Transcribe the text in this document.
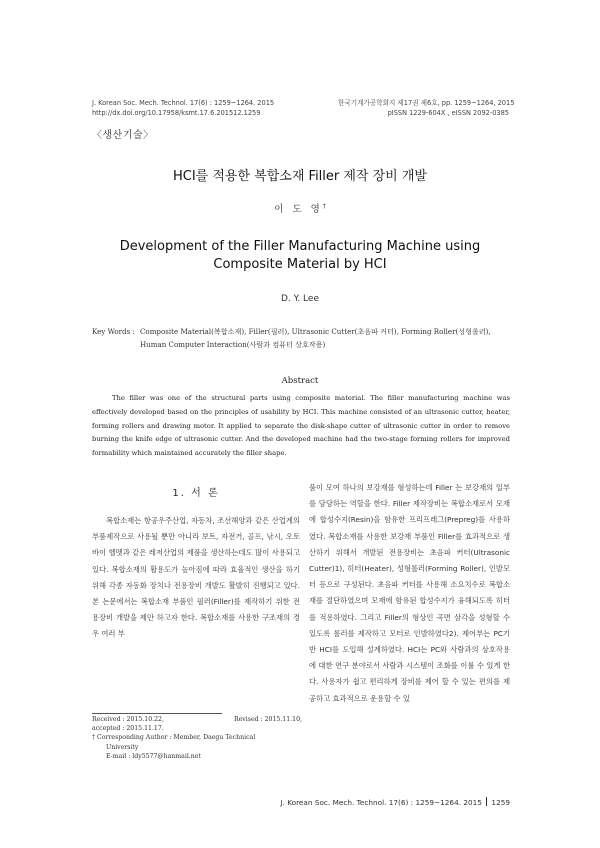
J. Korean Soc. Mech. Technol. 17(6) : 1259~1264. 2015
http://dx.doi.org/10.17958/ksmt.17.6.201512.1259
한국기계가공학회지 제17권 제6호, pp. 1259~1264, 2015
pISSN 1229-604X , eISSN 2092-0385
〈생산기술〉
HCI를 적용한 복합소재 Filler 제작 장비 개발
이 도 영†
Development of the Filler Manufacturing Machine using
Composite Material by HCI
D. Y. Lee
Key Words : Composite Material(복합소재), Filler(필러), Ultrasonic Cutter(초음파 커터), Forming Roller(성형롤러),
Human Computer Interaction(사람과 컴퓨터 상호작용)
Abstract

The filler was one of the structural parts using composite material. The filler manufacturing machine was effectively developed based on the principles of usability by HCI. This machine consisted of an ultrasonic cutter, heater, forming rollers and drawing motor. It applied to separate the disk-shape cutter of ultrasonic cutter in order to remove burning the knife edge of ultrasonic cutter. And the developed machine had the two-stage forming rollers for improved formability which maintained accurately the filler shape.

1. 서 론

복합소재는 항공우주산업, 자동차, 조선해양과 같은 산업계의 부품제작으로 사용될 뿐만 아니라 보트, 자전거, 골프, 낚시, 오토바이 헬멧과 같은 레저산업의 제품을 생산하는데도 많이 사용되고 있다. 복합소재의 활용도가 높아짐에 따라 효율적인 생산을 하기 위해 각종 자동화 장치나 전용장비 개발도 활발히 진행되고 있다. 본 논문에서는 복합소재 부품인 필러(Filler)를 제작하기 위한 전용장비 개발을 제안 하고자 한다. 복합소재를 사용한 구조재의 경우 여러 부

품이 모여 하나의 보강재를 형성하는데 Filler 는 보강재의 일부를 담당하는 역할을 한다. Filler 제작장비는 복합소재로서 모재에 합성수지(Resin)을 함유한 프리프레그(Prepreg)를 사용하였다. 복합소재를 사용한 보강재 부품인 Filler를 효과적으로 생산하기 위해서 개발된 전용장비는 초음파 커터(Ultrasonic Cutter)1), 히터(Heater), 성형롤러(Forming Roller), 인발모터 등으로 구성된다. 초음파 커터를 사용해 소요치수로 복합소재를 절단하였으며 모재에 함유된 합성수지가 융해되도록 히터를 적용하였다. 그리고 Filler의 형상인 곡면 삼각을 성형할 수 있도록 롤러를 제작하고 모터로 인발하였다2). 제어부는 PC기반 HCI를 도입해 설계하였다. HCI는 PC와 사람과의 상호작용에 대한 연구 분야로서 사람과 시스템이 조화를 이룰 수 있게 한다. 사용자가 쉽고 편리하게 장비를 제어 할 수 있는 편의를 제공하고 효과적으로 운용할 수 있

Received : 2015.10.22,	Revised : 2015.11.10,
accepted : 2015.11.17.
† Corresponding Author : Member, Daegu Technical
University
E-mail : ldy5577@hanmail.net
J. Korean Soc. Mech. Technol. 17(6) : 1259~1264. 2015 1259
